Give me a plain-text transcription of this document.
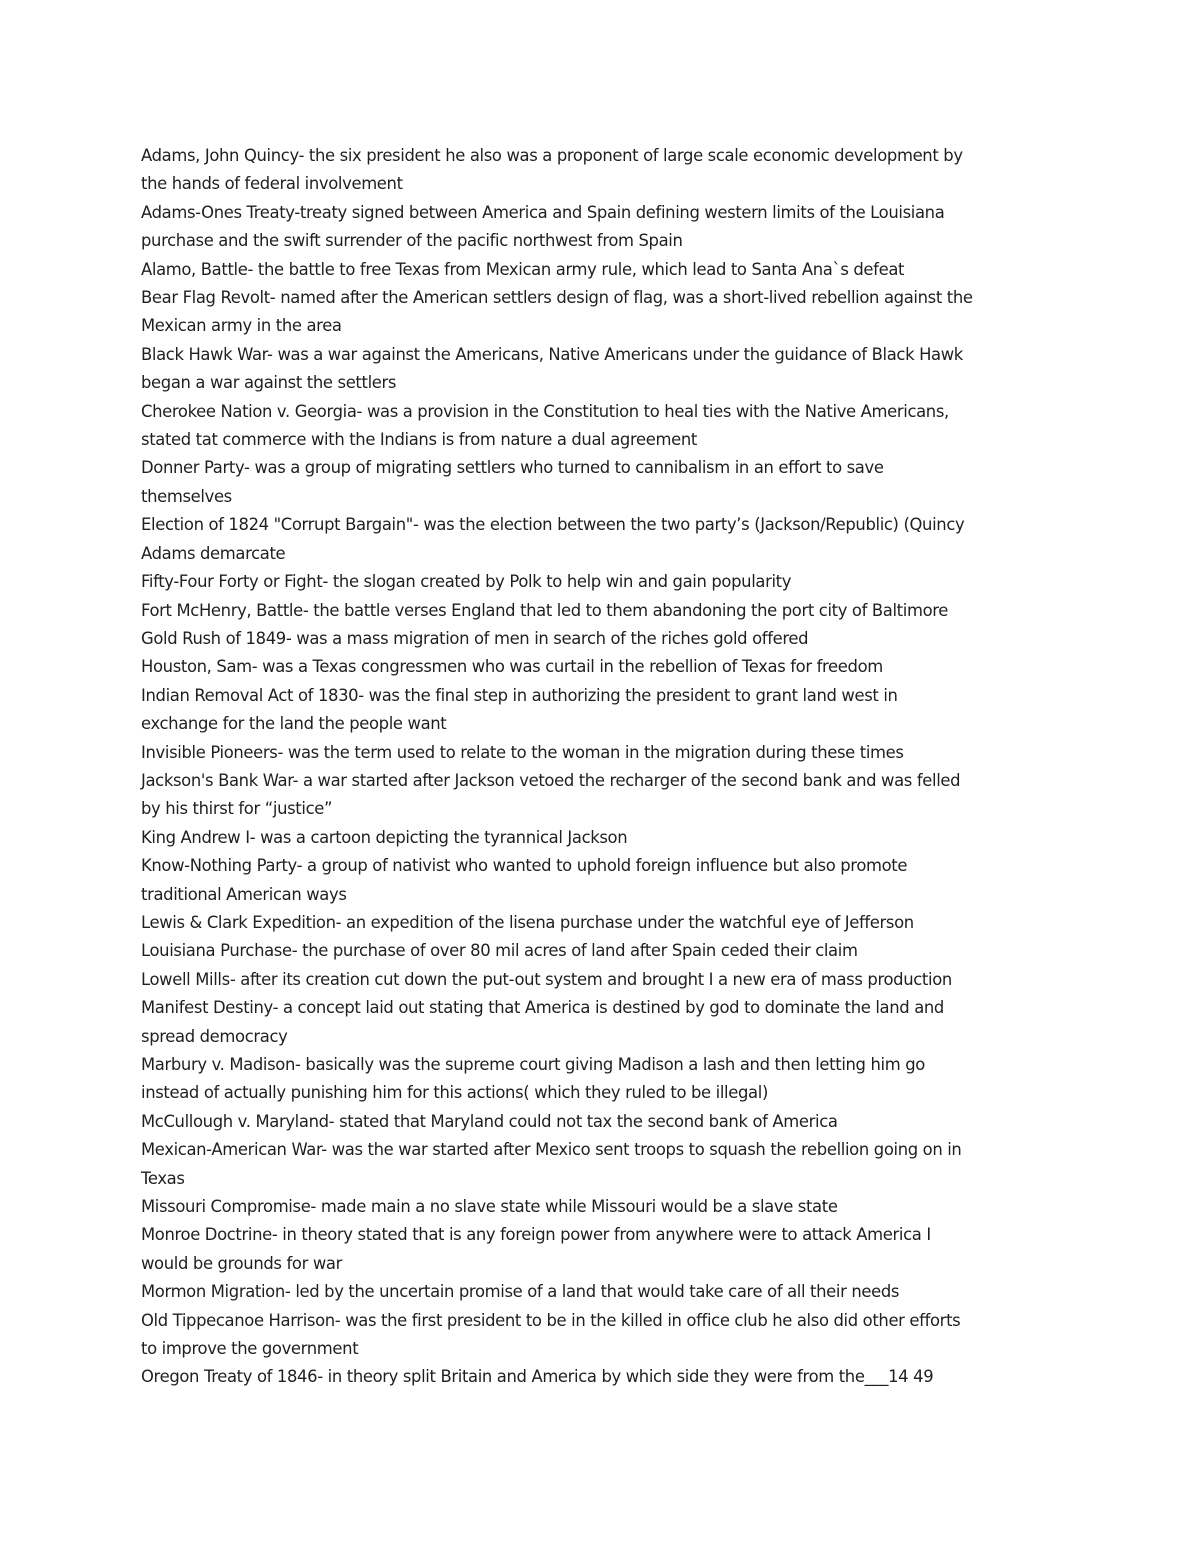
Adams, John Quincy- the six president he also was a proponent of large scale economic development by
the hands of federal involvement

Adams-Ones Treaty-treaty signed between America and Spain defining western limits of the Louisiana
purchase and the swift surrender of the pacific northwest from Spain

Alamo, Battle- the battle to free Texas from Mexican army rule, which lead to Santa Ana`s defeat

Bear Flag Revolt- named after the American settlers design of flag, was a short-lived rebellion against the
Mexican army in the area

Black Hawk War- was a war against the Americans, Native Americans under the guidance of Black Hawk
began a war against the settlers

Cherokee Nation v. Georgia- was a provision in the Constitution to heal ties with the Native Americans,
stated tat commerce with the Indians is from nature a dual agreement

Donner Party- was a group of migrating settlers who turned to cannibalism in an effort to save
themselves

Election of 1824 "Corrupt Bargain"- was the election between the two party’s (Jackson/Republic) (Quincy
Adams demarcate

Fifty-Four Forty or Fight- the slogan created by Polk to help win and gain popularity

Fort McHenry, Battle- the battle verses England that led to them abandoning the port city of Baltimore

Gold Rush of 1849- was a mass migration of men in search of the riches gold offered

Houston, Sam- was a Texas congressmen who was curtail in the rebellion of Texas for freedom

Indian Removal Act of 1830- was the final step in authorizing the president to grant land west in
exchange for the land the people want

Invisible Pioneers- was the term used to relate to the woman in the migration during these times

Jackson's Bank War- a war started after Jackson vetoed the recharger of the second bank and was felled
by his thirst for “justice”

King Andrew I- was a cartoon depicting the tyrannical Jackson

Know-Nothing Party- a group of nativist who wanted to uphold foreign influence but also promote
traditional American ways

Lewis & Clark Expedition- an expedition of the lisena purchase under the watchful eye of Jefferson

Louisiana Purchase- the purchase of over 80 mil acres of land after Spain ceded their claim

Lowell Mills- after its creation cut down the put-out system and brought I a new era of mass production

Manifest Destiny- a concept laid out stating that America is destined by god to dominate the land and
spread democracy

Marbury v. Madison- basically was the supreme court giving Madison a lash and then letting him go
instead of actually punishing him for this actions( which they ruled to be illegal)

McCullough v. Maryland- stated that Maryland could not tax the second bank of America

Mexican-American War- was the war started after Mexico sent troops to squash the rebellion going on in
Texas

Missouri Compromise- made main a no slave state while Missouri would be a slave state

Monroe Doctrine- in theory stated that is any foreign power from anywhere were to attack America I
would be grounds for war

Mormon Migration- led by the uncertain promise of a land that would take care of all their needs

Old Tippecanoe Harrison- was the first president to be in the killed in office club he also did other efforts
to improve the government

Oregon Treaty of 1846- in theory split Britain and America by which side they were from the___14 49
